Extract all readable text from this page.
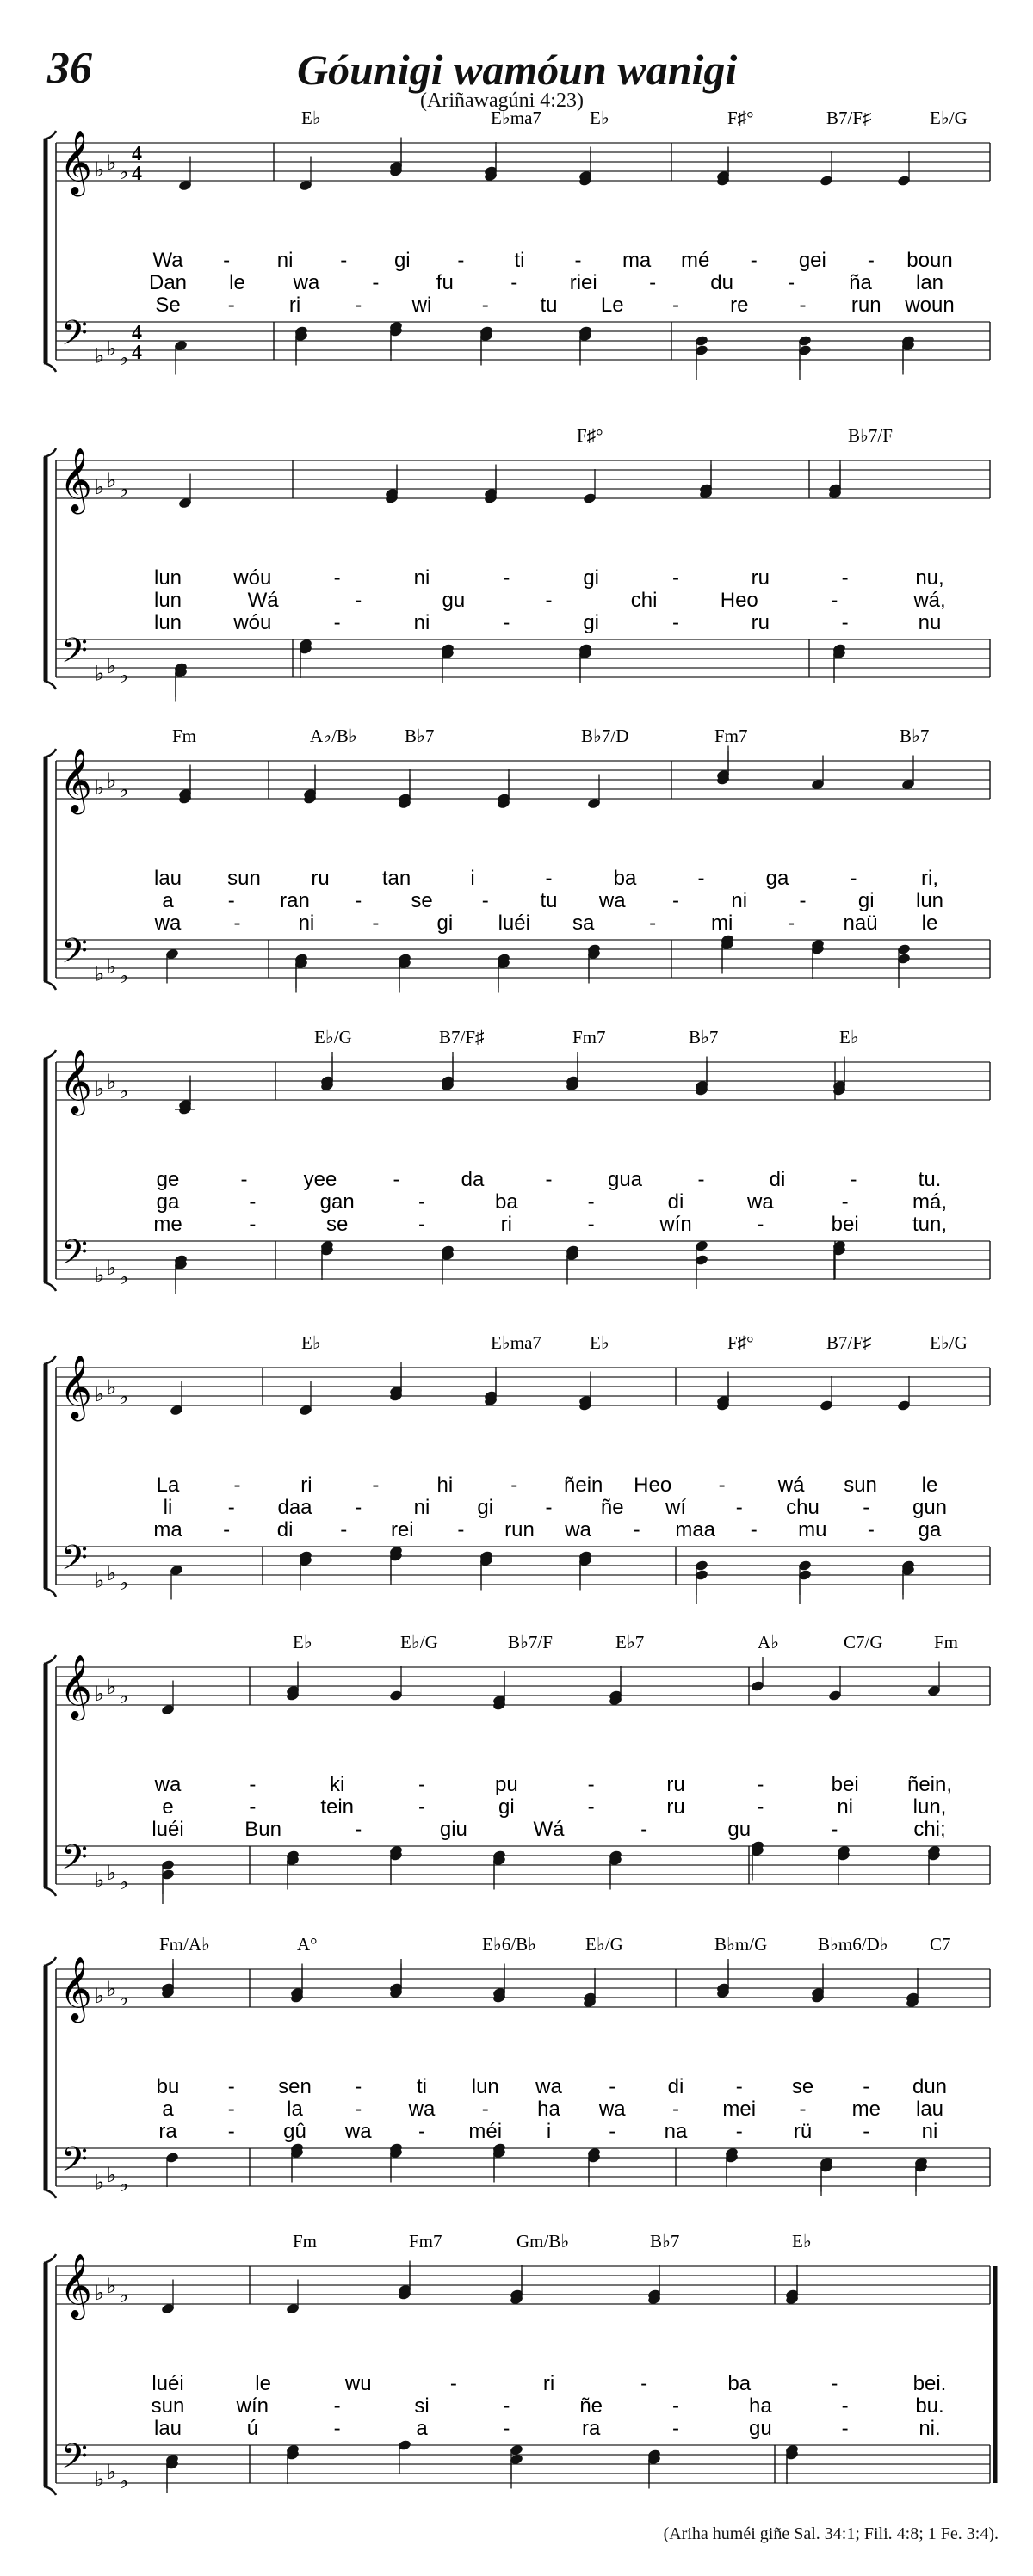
36	Góunigi wamóun wanigi
(Ariñawagúni 4:23)
𝄞
𝄢
♭ ♭ ♭
♭ ♭ ♭
4
4
4
4
E♭	E♭ma7	E♭	F♯°	B7/F♯	E♭/G
Wa - ni - gi - ti - ma mé - gei - boun
Dan le wa	-	fu	-	riei	-	du	-	ña lan
Se -	ri	- wi - tu Le - re - run woun
𝄞
𝄢
♭ ♭ ♭
♭ ♭ ♭
F♯°	B♭7/F
lun	wóu	-	ni	-	gi	-	ru	-	nu,
lun	Wá	-	gu	-	chi	Heo	-	wá,
lun	wóu	-	ni	-	gi	-	ru	-	nu
𝄞
𝄢
♭ ♭ ♭
♭ ♭ ♭
Fm	A♭/B♭	B♭7	B♭7/D	Fm7	B♭7
lau sun ru	tan	i	-	ba	-	ga	-	ri,
a	- ran - se - tu wa -	ni	-	gi lun
wa	-	ni	-	gi luéi sa	-	mi	- naü le
𝄞
𝄢
♭ ♭ ♭
♭ ♭ ♭
E♭/G	B7/F♯	Fm7	B♭7	E♭
ge	-	yee	-	da	-	gua	-	di	-	tu.
ga	-	gan	-	ba	-	di	wa	-	má,
me	-	se	-	ri	-	wín	-	bei	tun,
𝄞
𝄢
♭ ♭ ♭
♭ ♭ ♭
E♭	E♭ma7	E♭	F♯°	B7/F♯	E♭/G
La	-	ri	-	hi	- ñein Heo -	wá sun le
li	- daa -	ni gi	- ñe wí - chu - gun
ma - di - rei - run wa - maa - mu - ga
𝄞
𝄢
♭ ♭ ♭
♭ ♭ ♭
E♭	E♭/G	B♭7/F	E♭7	A♭	C7/G	Fm
wa	-	ki	-	pu	-	ru	-	bei ñein,
e	-	tein	-	gi	-	ru	-	ni	lun,
luéi	Bun	-	giu	Wá	-	gu	-	chi;
𝄞
𝄢
♭ ♭ ♭
♭ ♭ ♭
Fm/A♭	A°	E♭6/B♭	E♭/G	B♭m/G	B♭m6/D♭ C7
bu - sen -	ti lun wa -	di	- se - dun
a	-	la	- wa - ha wa - mei - me lau
ra - gû wa - méi i	- na - rü -	ni
𝄞
𝄢
♭ ♭ ♭
♭ ♭ ♭
Fm	Fm7	Gm/B♭	B♭7	E♭
luéi	le	wu	-	ri	-	ba	-	bei.
sun	wín	-	si	-	ñe	-	ha	-	bu.
lau	ú	-	a	-	ra	-	gu	-	ni.
(Ariha huméi giñe Sal. 34:1; Fili. 4:8; 1 Fe. 3:4).
